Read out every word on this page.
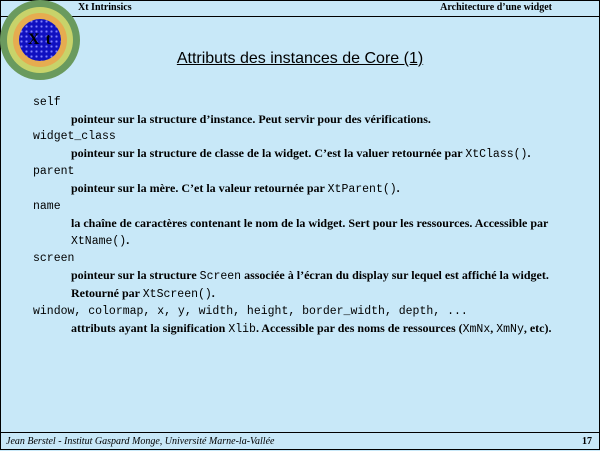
Xt Intrinsics	Architecture d’une widget
X t
Attributs des instances de Core (1)
self
pointeur sur la structure d’instance. Peut servir pour des vérifications.
widget_class
pointeur sur la structure de classe de la widget. C’est la valuer retournée par XtClass().
parent
pointeur sur la mère. C’et la valeur retournée par XtParent().
name
la chaîne de caractères contenant le nom de la widget. Sert pour les ressources. Accessible par XtName().
screen
pointeur sur la structure Screen associée à l’écran du display sur lequel est affiché la widget. Retourné par XtScreen().
window, colormap, x, y, width, height, border_width, depth, ...
attributs ayant la signification Xlib. Accessible par des noms de ressources (XmNx, XmNy, etc).
Jean Berstel - Institut Gaspard Monge, Université Marne-la-Vallée	17
